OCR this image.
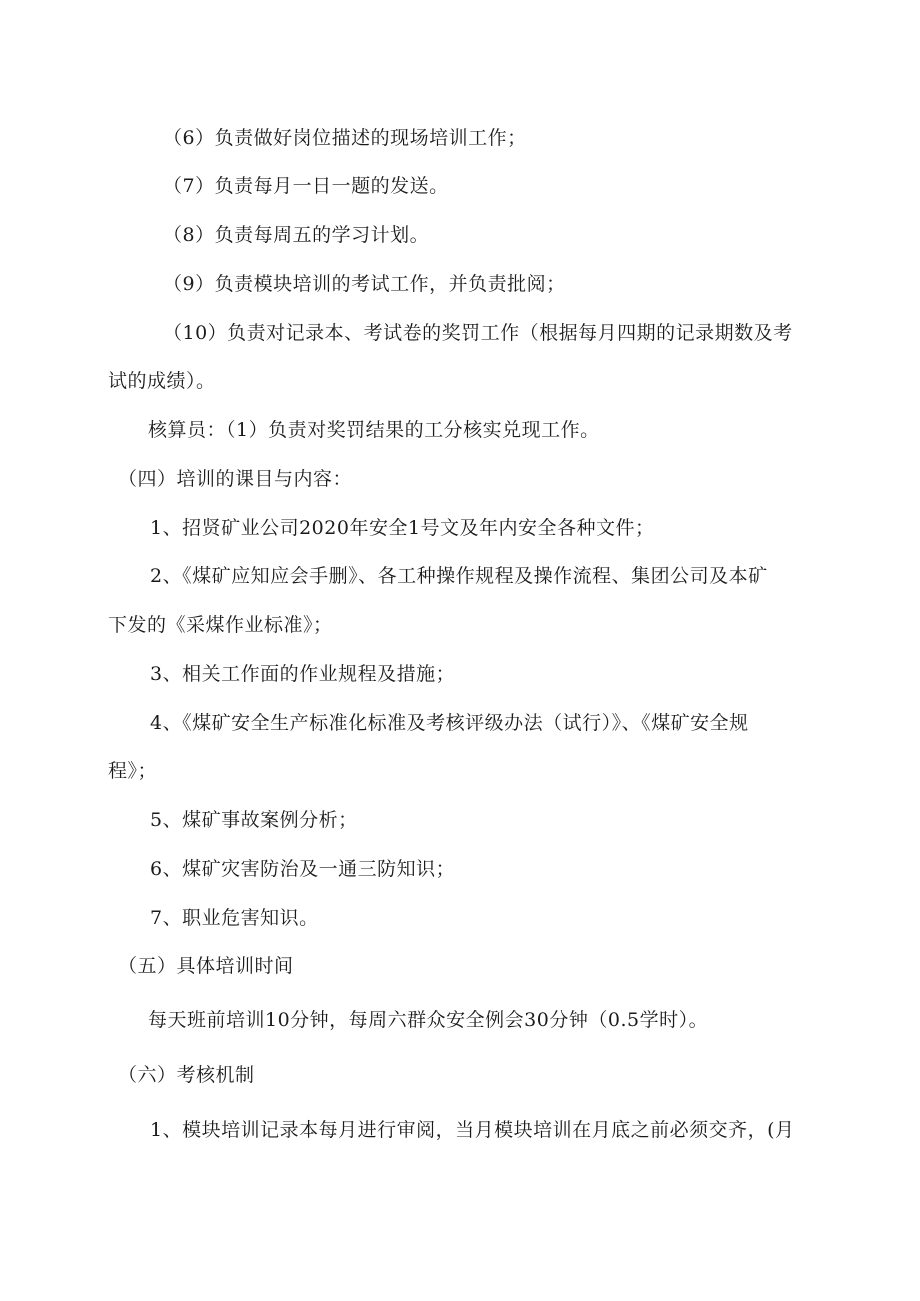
（6）负责做好岗位描述的现场培训工作；
（7）负责每月一日一题的发送。
（8）负责每周五的学习计划。
（9）负责模块培训的考试工作，并负责批阅；
（10）负责对记录本、考试卷的奖罚工作（根据每月四期的记录期数及考
试的成绩）。
核算员：（1）负责对奖罚结果的工分核实兑现工作。
（四）培训的课目与内容：
1、招贤矿业公司2020年安全1号文及年内安全各种文件；
2、《煤矿应知应会手删》、各工种操作规程及操作流程、集团公司及本矿
下发的《采煤作业标准》；
3、相关工作面的作业规程及措施；
4、《煤矿安全生产标准化标准及考核评级办法（试行）》、《煤矿安全规
程》；
5、煤矿事故案例分析；
6、煤矿灾害防治及一通三防知识；
7、职业危害知识。
（五）具体培训时间
每天班前培训10分钟，每周六群众安全例会30分钟（0.5学时）。
（六）考核机制
1、模块培训记录本每月进行审阅，当月模块培训在月底之前必须交齐，(月
